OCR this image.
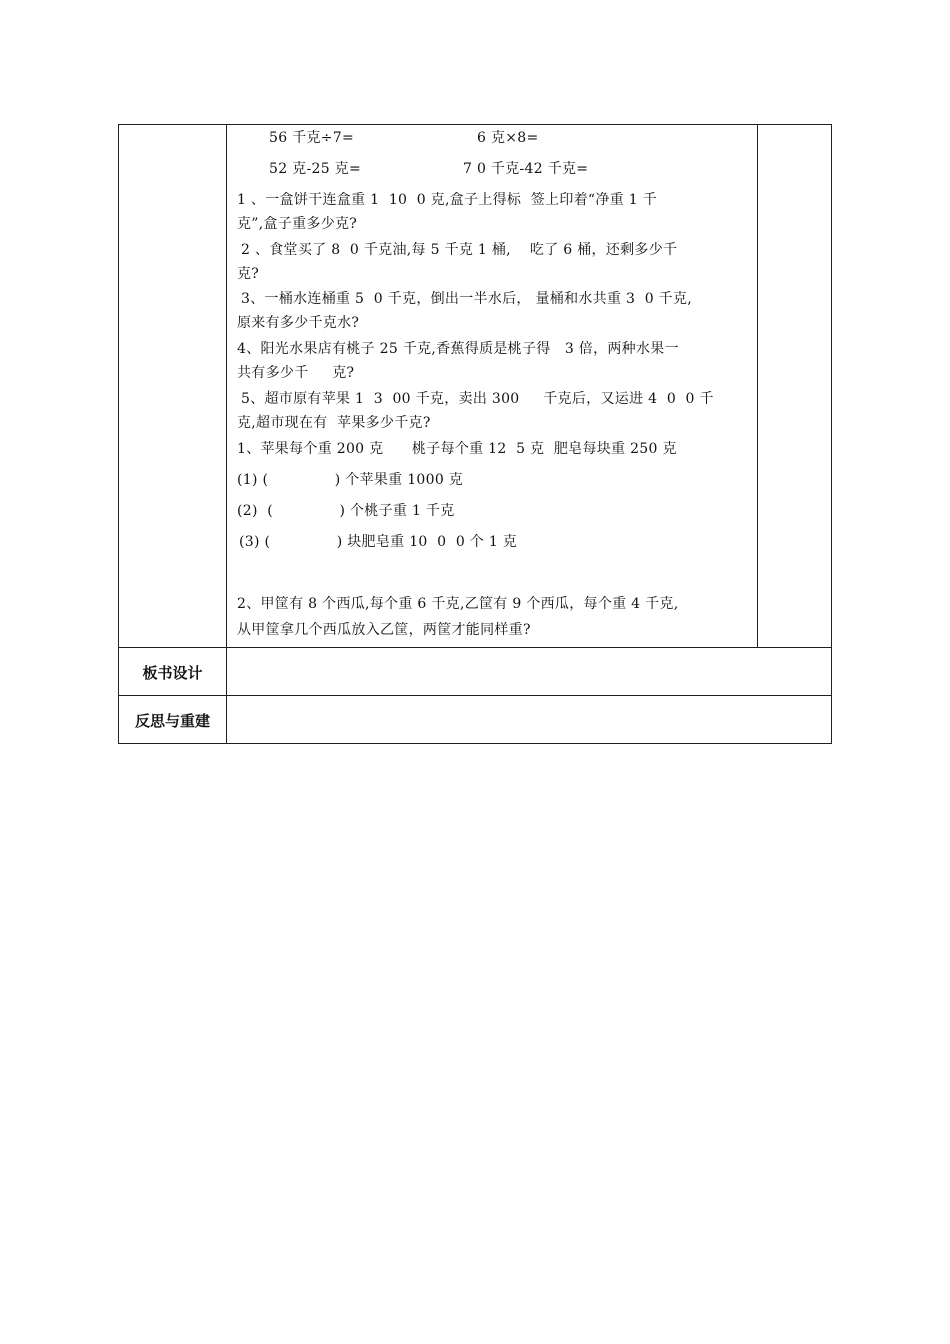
56 千克÷7=	6 克×8=
52 克-25 克=	7 0 千克-42 千克=
1 、一盒饼干连盒重 1  10  0 克,盒子上得标  签上印着“净重 1 千
克”,盒子重多少克?
2 、食堂买了 8  0 千克油,每 5 千克 1 桶,    吃了 6 桶，还剩多少千
克?
3、一桶水连桶重 5  0 千克，倒出一半水后， 量桶和水共重 3  0 千克,
原来有多少千克水?
4、阳光水果店有桃子 25 千克,香蕉得质是桃子得   3 倍，两种水果一
共有多少千     克?
5、超市原有苹果 1  3  00 千克，卖出 300     千克后，又运进 4  0  0 千
克,超市现在有  苹果多少千克?
1、苹果每个重 200 克      桃子每个重 12  5 克  肥皂每块重 250 克
(1) (              ) 个苹果重 1000 克
(2)  (              ) 个桃子重 1 千克
(3) (              ) 块肥皂重 10  0  0 个 1 克
2、甲筐有 8 个西瓜,每个重 6 千克,乙筐有 9 个西瓜，每个重 4 千克,
从甲筐拿几个西瓜放入乙筐，两筐才能同样重?
板书设计
反思与重建
